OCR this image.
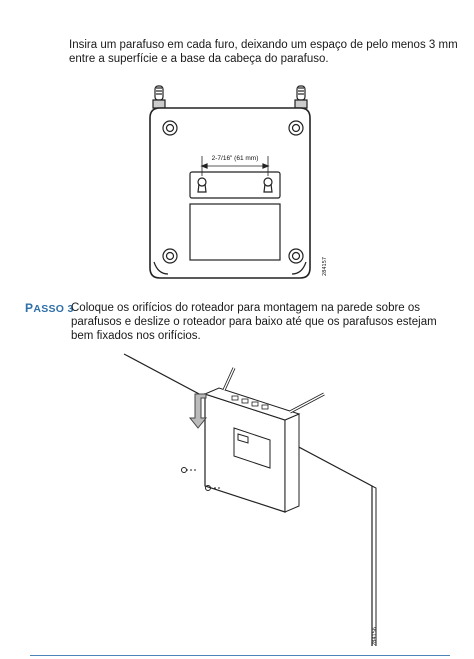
Insira um parafuso em cada furo, deixando um espaço de pelo menos 3 mm entre a superfície e a base da cabeça do parafuso.
2-7/16" (61 mm)
284157
PASSO 3
Coloque os orifícios do roteador para montagem na parede sobre os parafusos e deslize o roteador para baixo até que os parafusos estejam bem fixados nos orifícios.
284156
